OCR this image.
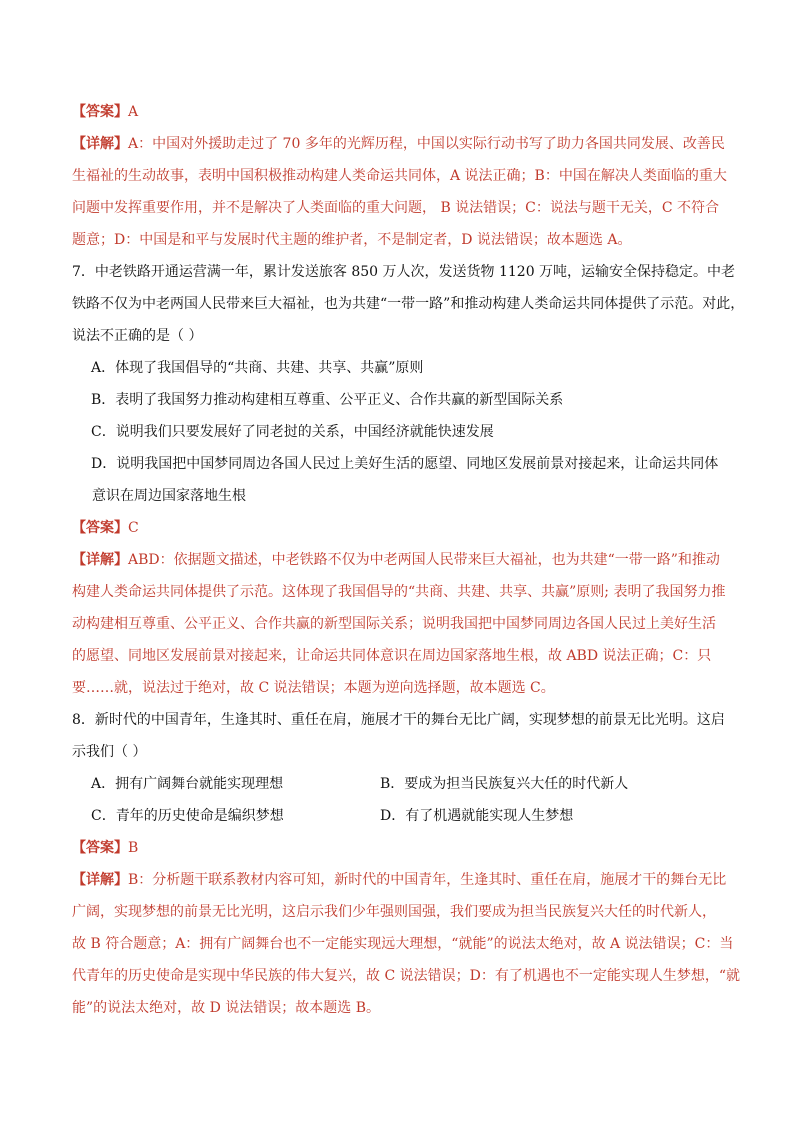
【答案】A
【详解】A：中国对外援助走过了 70 多年的光辉历程，中国以实际行动书写了助力各国共同发展、改善民
生福祉的生动故事，表明中国积极推动构建人类命运共同体，A 说法正确；B：中国在解决人类面临的重大
问题中发挥重要作用，并不是解决了人类面临的重大问题， B 说法错误；C：说法与题干无关，C 不符合
题意；D：中国是和平与发展时代主题的维护者，不是制定者，D 说法错误；故本题选 A。
7．中老铁路开通运营满一年，累计发送旅客 850 万人次，发送货物 1120 万吨，运输安全保持稳定。中老
铁路不仅为中老两国人民带来巨大福祉，也为共建“一带一路”和推动构建人类命运共同体提供了示范。对此，
说法不正确的是（ ）
A．体现了我国倡导的“共商、共建、共享、共赢”原则
B．表明了我国努力推动构建相互尊重、公平正义、合作共赢的新型国际关系
C．说明我们只要发展好了同老挝的关系，中国经济就能快速发展
D．说明我国把中国梦同周边各国人民过上美好生活的愿望、同地区发展前景对接起来，让命运共同体
意识在周边国家落地生根
【答案】C
【详解】ABD：依据题文描述，中老铁路不仅为中老两国人民带来巨大福祉，也为共建“一带一路”和推动
构建人类命运共同体提供了示范。这体现了我国倡导的“共商、共建、共享、共赢”原则; 表明了我国努力推
动构建相互尊重、公平正义、合作共赢的新型国际关系；说明我国把中国梦同周边各国人民过上美好生活
的愿望、同地区发展前景对接起来，让命运共同体意识在周边国家落地生根，故 ABD 说法正确；C：只
要……就，说法过于绝对，故 C 说法错误；本题为逆向选择题，故本题选 C。
8．新时代的中国青年，生逢其时、重任在肩，施展才干的舞台无比广阔，实现梦想的前景无比光明。这启
示我们（ ）
A．拥有广阔舞台就能实现理想	B．要成为担当民族复兴大任的时代新人
C．青年的历史使命是编织梦想	D．有了机遇就能实现人生梦想
【答案】B
【详解】B：分析题干联系教材内容可知，新时代的中国青年，生逢其时、重任在肩，施展才干的舞台无比
广阔，实现梦想的前景无比光明，这启示我们少年强则国强，我们要成为担当民族复兴大任的时代新人，
故 B 符合题意；A：拥有广阔舞台也不一定能实现远大理想，“就能”的说法太绝对，故 A 说法错误；C：当
代青年的历史使命是实现中华民族的伟大复兴，故 C 说法错误；D：有了机遇也不一定能实现人生梦想，“就
能”的说法太绝对，故 D 说法错误；故本题选 B。
